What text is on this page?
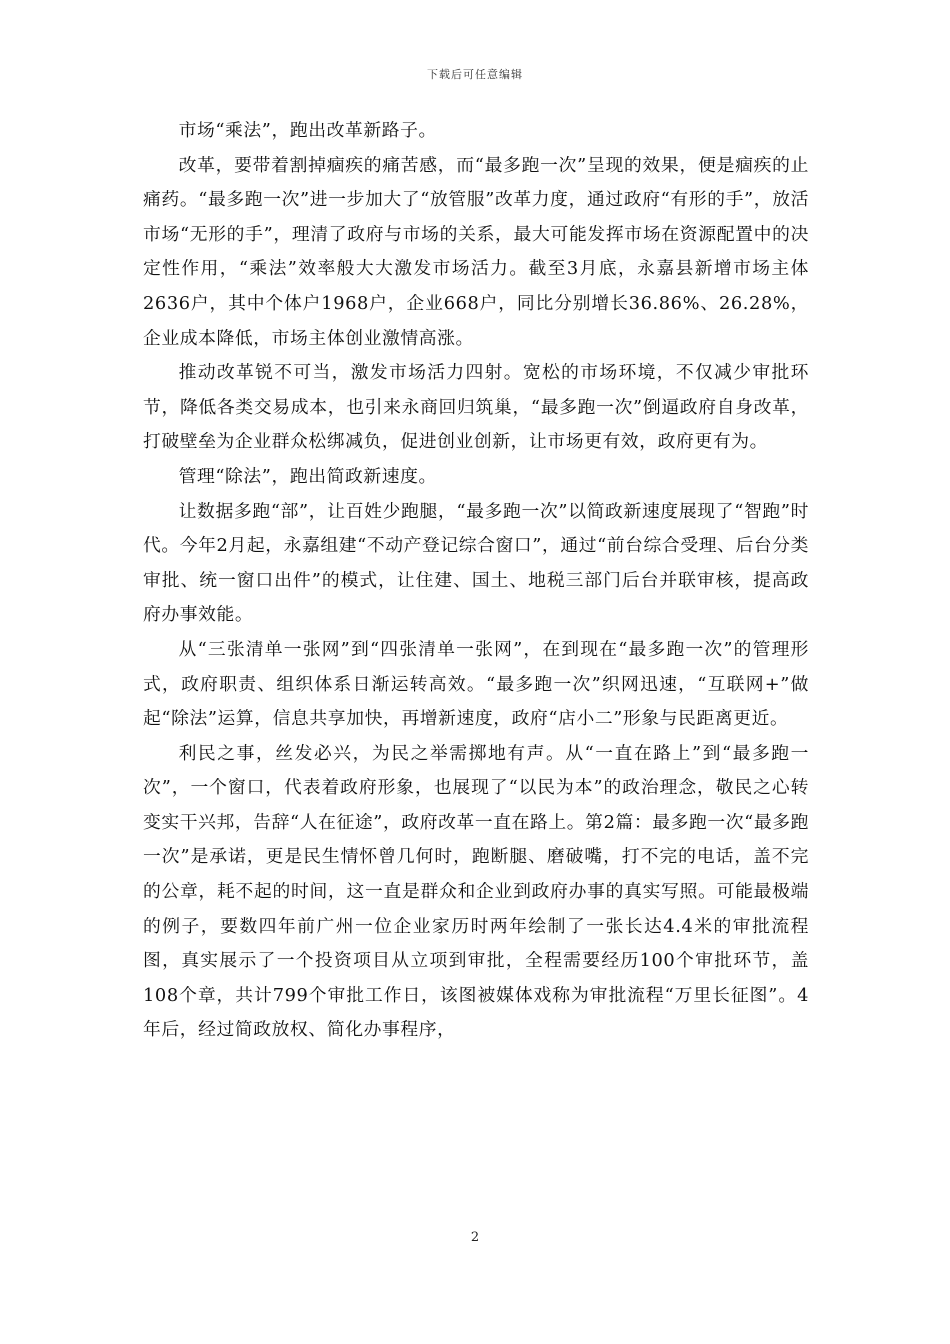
下载后可任意编辑

市场“乘法”，跑出改革新路子。

改革，要带着割掉痼疾的痛苦感，而“最多跑一次”呈现的效果，便是痼疾的止痛药。“最多跑一次”进一步加大了“放管服”改革力度，通过政府“有形的手”，放活市场“无形的手”，理清了政府与市场的关系，最大可能发挥市场在资源配置中的决定性作用，“乘法”效率般大大激发市场活力。截至3月底，永嘉县新增市场主体2636户，其中个体户1968户，企业668户，同比分别增长36.86%、26.28%，企业成本降低，市场主体创业激情高涨。

推动改革锐不可当，激发市场活力四射。宽松的市场环境，不仅减少审批环节，降低各类交易成本，也引来永商回归筑巢，“最多跑一次”倒逼政府自身改革，打破壁垒为企业群众松绑减负，促进创业创新，让市场更有效，政府更有为。

管理“除法”，跑出简政新速度。

让数据多跑“部”，让百姓少跑腿，“最多跑一次”以简政新速度展现了“智跑”时代。今年2月起，永嘉组建“不动产登记综合窗口”，通过“前台综合受理、后台分类审批、统一窗口出件”的模式，让住建、国土、地税三部门后台并联审核，提高政府办事效能。

从“三张清单一张网”到“四张清单一张网”，在到现在“最多跑一次”的管理形式，政府职责、组织体系日渐运转高效。“最多跑一次”织网迅速，“互联网+”做起“除法”运算，信息共享加快，再增新速度，政府“店小二”形象与民距离更近。

利民之事，丝发必兴，为民之举需掷地有声。从“一直在路上”到“最多跑一次”，一个窗口，代表着政府形象，也展现了“以民为本”的政治理念，敬民之心转变实干兴邦，告辞“人在征途”，政府改革一直在路上。第2篇：最多跑一次“最多跑一次”是承诺，更是民生情怀曾几何时，跑断腿、磨破嘴，打不完的电话，盖不完的公章，耗不起的时间，这一直是群众和企业到政府办事的真实写照。可能最极端的例子，要数四年前广州一位企业家历时两年绘制了一张长达4.4米的审批流程图，真实展示了一个投资项目从立项到审批，全程需要经历100个审批环节，盖108个章，共计799个审批工作日，该图被媒体戏称为审批流程“万里长征图”。4年后，经过简政放权、简化办事程序，

2
